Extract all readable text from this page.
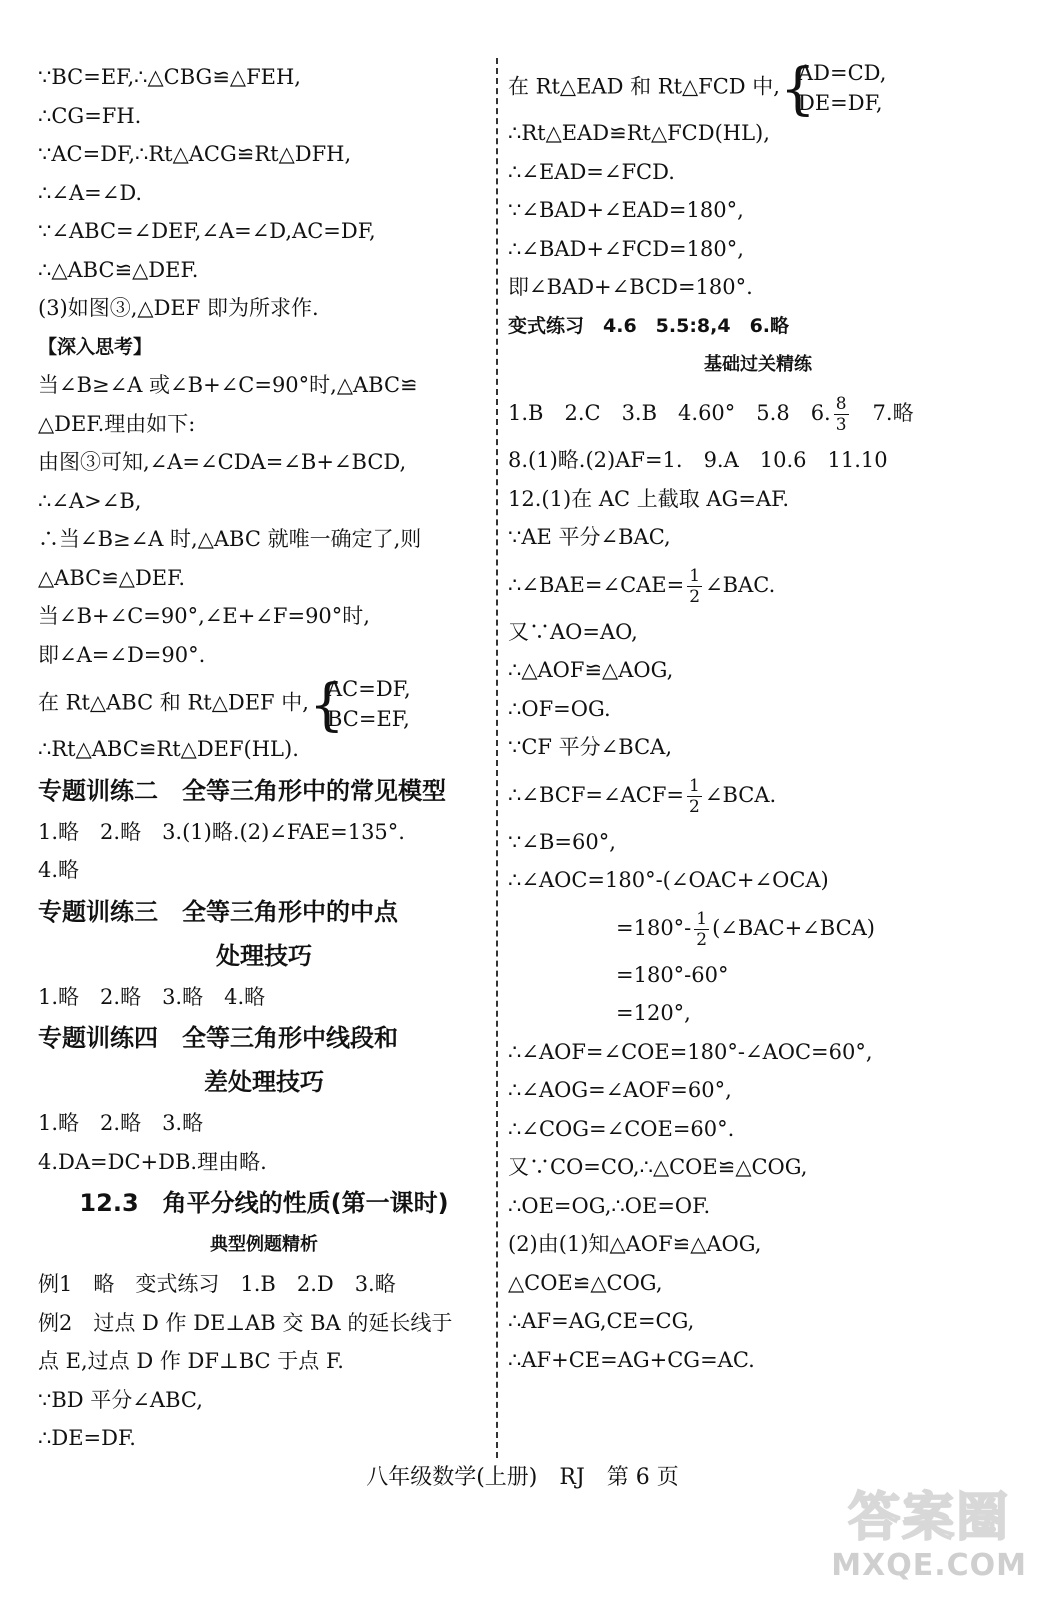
∵BC=EF,∴△CBG≌△FEH,
∴CG=FH.
∵AC=DF,∴Rt△ACG≌Rt△DFH,
∴∠A=∠D.
∵∠ABC=∠DEF,∠A=∠D,AC=DF,
∴△ABC≌△DEF.
(3)如图③,△DEF 即为所求作.
【深入思考】
当∠B≥∠A 或∠B+∠C=90°时,△ABC≌
△DEF.理由如下:
由图③可知,∠A=∠CDA=∠B+∠BCD,
∴∠A>∠B,
∴当∠B≥∠A 时,△ABC 就唯一确定了,则
△ABC≌△DEF.
当∠B+∠C=90°,∠E+∠F=90°时,
即∠A=∠D=90°.
在 Rt△ABC 和 Rt△DEF 中,
{ AC=DF,
BC=EF,
∴Rt△ABC≌Rt△DEF(HL).
专题训练二　全等三角形中的常见模型
1.略　2.略　3.(1)略.(2)∠FAE=135°.
4.略
专题训练三　全等三角形中的中点
处理技巧
1.略　2.略　3.略　4.略
专题训练四　全等三角形中线段和
差处理技巧
1.略　2.略　3.略
4.DA=DC+DB.理由略.
12.3　角平分线的性质(第一课时)
典型例题精析
例1　略　变式练习　1.B　2.D　3.略
例2　过点 D 作 DE⊥AB 交 BA 的延长线于
点 E,过点 D 作 DF⊥BC 于点 F.
∵BD 平分∠ABC,
∴DE=DF.
在 Rt△EAD 和 Rt△FCD 中,
{ AD=CD,
DE=DF,
∴Rt△EAD≌Rt△FCD(HL),
∴∠EAD=∠FCD.
∵∠BAD+∠EAD=180°,
∴∠BAD+∠FCD=180°,
即∠BAD+∠BCD=180°.
变式练习　4.6　5.5:8,4　6.略
基础过关精练
1.B　2.C　3.B　4.60°　5.8　6. $\frac{8}{3}$ 　7.略
8.(1)略.(2)AF=1.　9.A　10.6　11.10
12.(1)在 AC 上截取 AG=AF.
∵AE 平分∠BAC,
∴∠BAE=∠CAE= $\frac{1}{2}$ ∠BAC.
又∵AO=AO,
∴△AOF≌△AOG,
∴OF=OG.
∵CF 平分∠BCA,
∴∠BCF=∠ACF= $\frac{1}{2}$ ∠BCA.
∵∠B=60°,
∴∠AOC=180°-(∠OAC+∠OCA)
$=180^\circ- \frac{1}{2}$ (∠BAC+∠BCA)
=180°-60°
=120°,
∴∠AOF=∠COE=180°-∠AOC=60°,
∴∠AOG=∠AOF=60°,
∴∠COG=∠COE=60°.
又∵CO=CO,∴△COE≌△COG,
∴OE=OG,∴OE=OF.
(2)由(1)知△AOF≌△AOG,
△COE≌△COG,
∴AF=AG,CE=CG,
∴AF+CE=AG+CG=AC.
八年级数学(上册)　RJ　第 6 页
答案圈
MXQE.COM
